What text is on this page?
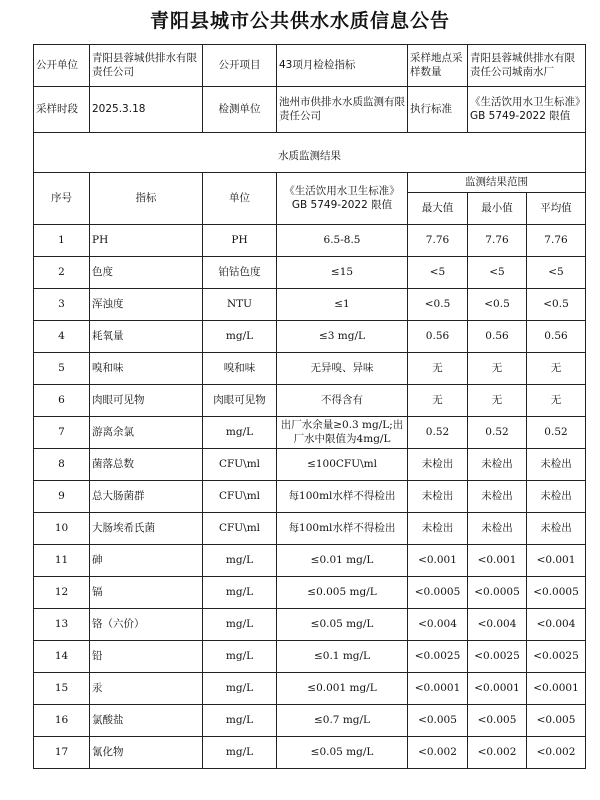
青阳县城市公共供水水质信息公告
公开单位	青阳县蓉城供排水有限责任公司	公开项目	43项月检检指标	采样地点采样数量	青阳县蓉城供排水有限责任公司城南水厂	
采样时段	2025.3.18	检测单位	池州市供排水水质监测有限责任公司	执行标准	《生活饮用水卫生标准》GB 5749-2022 限值	

水质监测结果						
序号	指标	单位	《生活饮用水卫生标准》GB 5749-2022 限值	监测结果范围		
				最大值	最小值	平均值
1	PH	PH	6.5-8.5	7.76	7.76	7.76
2	色度	铂钴色度	≤15	<5	<5	<5
3	浑浊度	NTU	≤1	<0.5	<0.5	<0.5
4	耗氧量	mg/L	≤3 mg/L	0.56	0.56	0.56
5	嗅和味	嗅和味	无异嗅、异味	无	无	无
6	肉眼可见物	肉眼可见物	不得含有	无	无	无
7	游离余氯	mg/L	出厂水余量≥0.3 mg/L;出厂水中限值为4mg/L	0.52	0.52	0.52
8	菌落总数	CFU\ml	≤100CFU\ml	未检出	未检出	未检出
9	总大肠菌群	CFU\ml	每100ml水样不得检出	未检出	未检出	未检出
10	大肠埃希氏菌	CFU\ml	每100ml水样不得检出	未检出	未检出	未检出
11	砷	mg/L	≤0.01 mg/L	<0.001	<0.001	<0.001
12	镉	mg/L	≤0.005 mg/L	<0.0005	<0.0005	<0.0005
13	铬（六价）	mg/L	≤0.05 mg/L	<0.004	<0.004	<0.004
14	铅	mg/L	≤0.1 mg/L	<0.0025	<0.0025	<0.0025
15	汞	mg/L	≤0.001 mg/L	<0.0001	<0.0001	<0.0001
16	氯酸盐	mg/L	≤0.7 mg/L	<0.005	<0.005	<0.005
17	氰化物	mg/L	≤0.05 mg/L	<0.002	<0.002	<0.002
